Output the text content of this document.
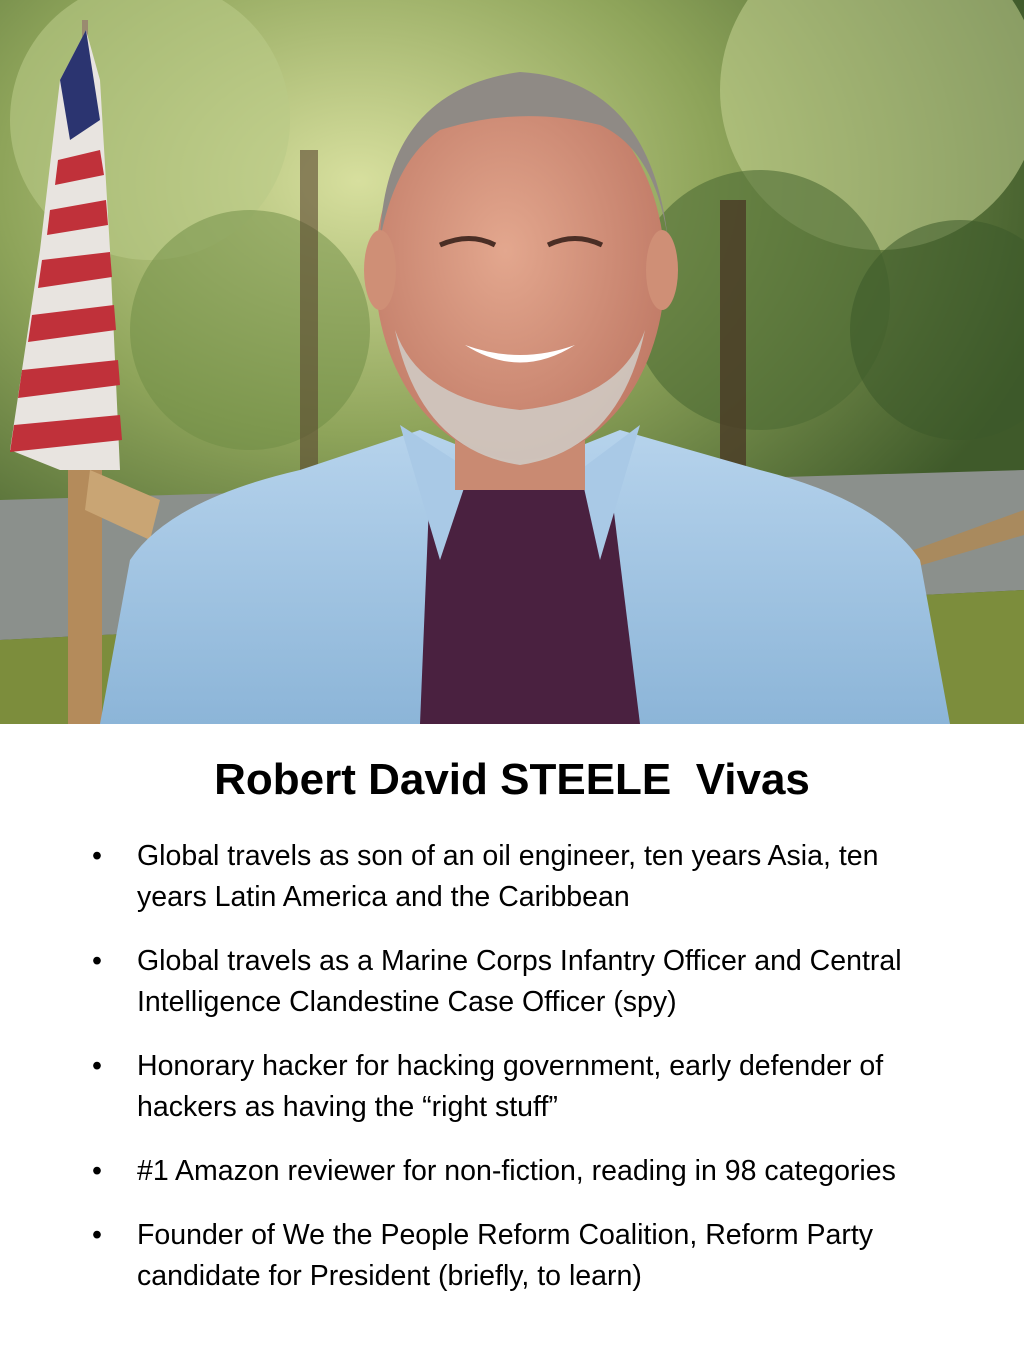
Robert David STEELE  Vivas
•	Global travels as son of an oil engineer, ten years Asia, ten years Latin America and the Caribbean
•	Global travels as a Marine Corps Infantry Officer and Central Intelligence Clandestine Case Officer (spy)
•	Honorary hacker for hacking government, early defender of hackers as having the “right stuff”
•	#1 Amazon reviewer for non-fiction, reading in 98 categories
•	Founder of We the People Reform Coalition, Reform Party candidate for President (briefly, to learn)
